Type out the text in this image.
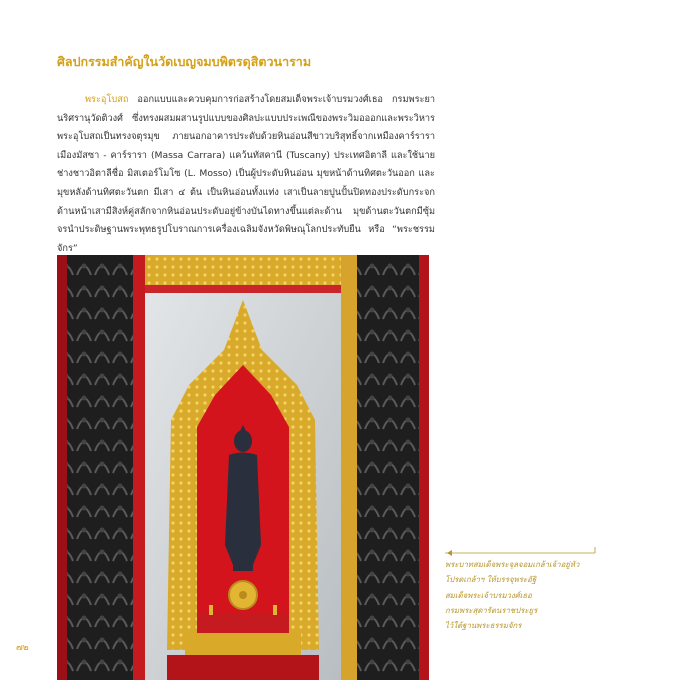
ศิลปกรรมสำคัญในวัดเบญจมบพิตรดุสิตวนาราม
พระอุโบสถ ออกแบบและควบคุมการก่อสร้างโดยสมเด็จพระเจ้าบรมวงศ์เธอ กรมพระยานริศรานุวัดติวงศ์ ซึ่งทรงผสมผสานรูปแบบของศิลปะแบบประเพณีของพระวิมอออกและพระวิหารพระอุโบสถเป็นทรงจตุรมุข ภายนอกอาคารประดับด้วยหินอ่อนสีขาวบริสุทธิ์จากเหมืองคาร์ราราเมืองมัสซา - คาร์รารา (Massa Carrara) แคว้นทัสคานี (Tuscany) ประเทศอิตาลี และใช้นายช่างชาวอิตาลีชื่อ มิสเตอร์โมโซ (L. Mosso) เป็นผู้ประดับหินอ่อน มุขหน้าด้านทิศตะวันออก และมุขหลังด้านทิศตะวันตก มีเสา ๔ ต้น เป็นหินอ่อนทั้งแท่ง เสาเป็นลายปูนปั้นปิดทองประดับกระจกด้านหน้าเสามีสิงห์คู่สลักจากหินอ่อนประดับอยู่ข้างบันไดทางขึ้นแต่ละด้าน มุขด้านตะวันตกมีซุ้มจรนำประดิษฐานพระพุทธรูปโบราณการเครื่องเฉลิมจังหวัดพิษณุโลกประทับยืน หรือ “พระชรรมจักร”
พระบาทสมเด็จพระจุลจอมเกล้าเจ้าอยู่หัว
โปรดเกล้าฯ ให้บรรจุพระอัฐิ
สมเด็จพระเจ้าบรมวงศ์เธอ
กรมพระสุดารัตนราชประยูร
ไว้ใต้ฐานพระธรรมจักร
๗๒
